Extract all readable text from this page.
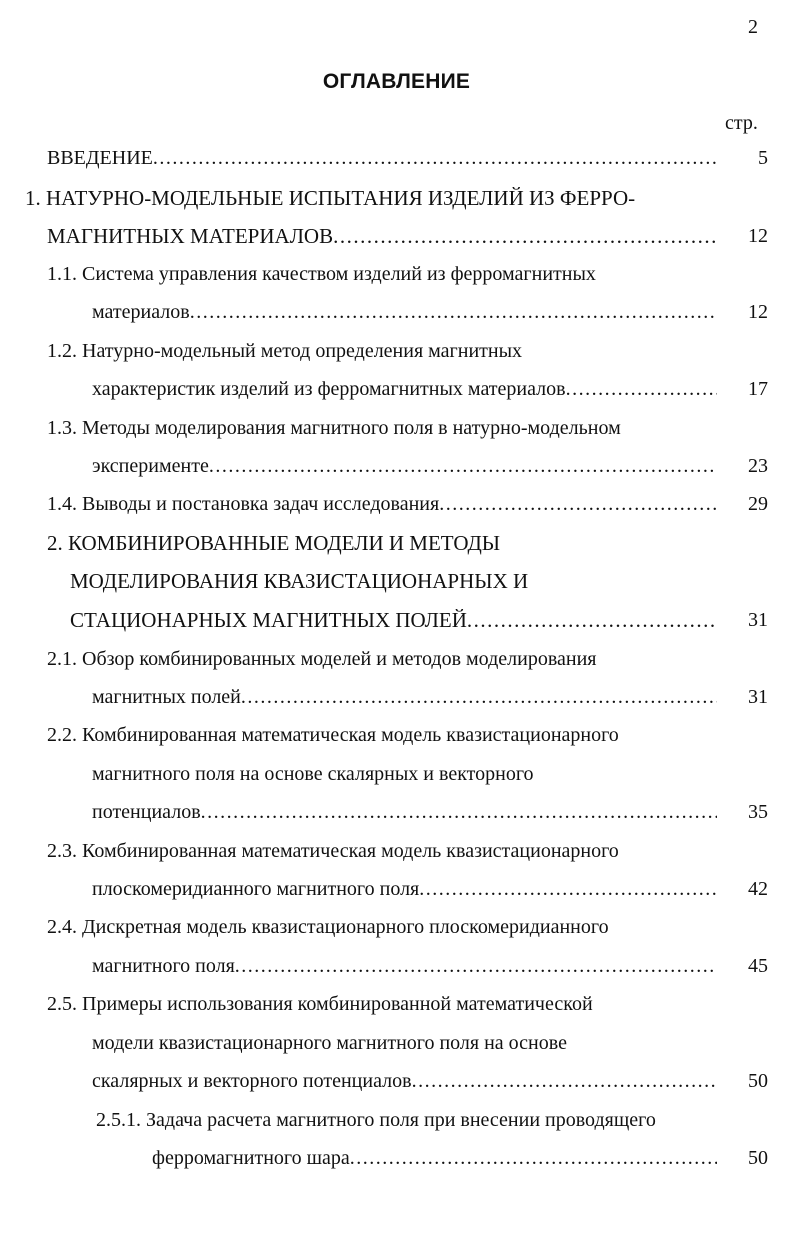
2
ОГЛАВЛЕНИЕ
стр.
ВВЕДЕНИЕ .....	5
1. НАТУРНО-МОДЕЛЬНЫЕ ИСПЫТАНИЯ ИЗДЕЛИЙ ИЗ ФЕРРО-
МАГНИТНЫХ МАТЕРИАЛОВ .....	12
1.1. Система управления качеством изделий из ферромагнитных
материалов .....	12
1.2. Натурно-модельный метод определения магнитных
характеристик изделий из ферромагнитных материалов .....	17
1.3. Методы моделирования магнитного поля в натурно-модельном
эксперименте .....	23
1.4. Выводы и постановка задач исследования .....	29
2. КОМБИНИРОВАННЫЕ МОДЕЛИ И МЕТОДЫ
МОДЕЛИРОВАНИЯ КВАЗИСТАЦИОНАРНЫХ И
СТАЦИОНАРНЫХ МАГНИТНЫХ ПОЛЕЙ .....	31
2.1. Обзор комбинированных моделей и методов моделирования
магнитных полей .....	31
2.2. Комбинированная математическая модель квазистационарного
магнитного поля на основе скалярных и векторного
потенциалов .....	35
2.3. Комбинированная математическая модель квазистационарного
плоскомеридианного магнитного поля .....	42
2.4. Дискретная модель квазистационарного плоскомеридианного
магнитного поля .....	45
2.5. Примеры использования комбинированной математической
модели квазистационарного магнитного поля на основе
скалярных и векторного потенциалов .....	50
2.5.1. Задача расчета магнитного поля при внесении проводящего
ферромагнитного шара .....	50
